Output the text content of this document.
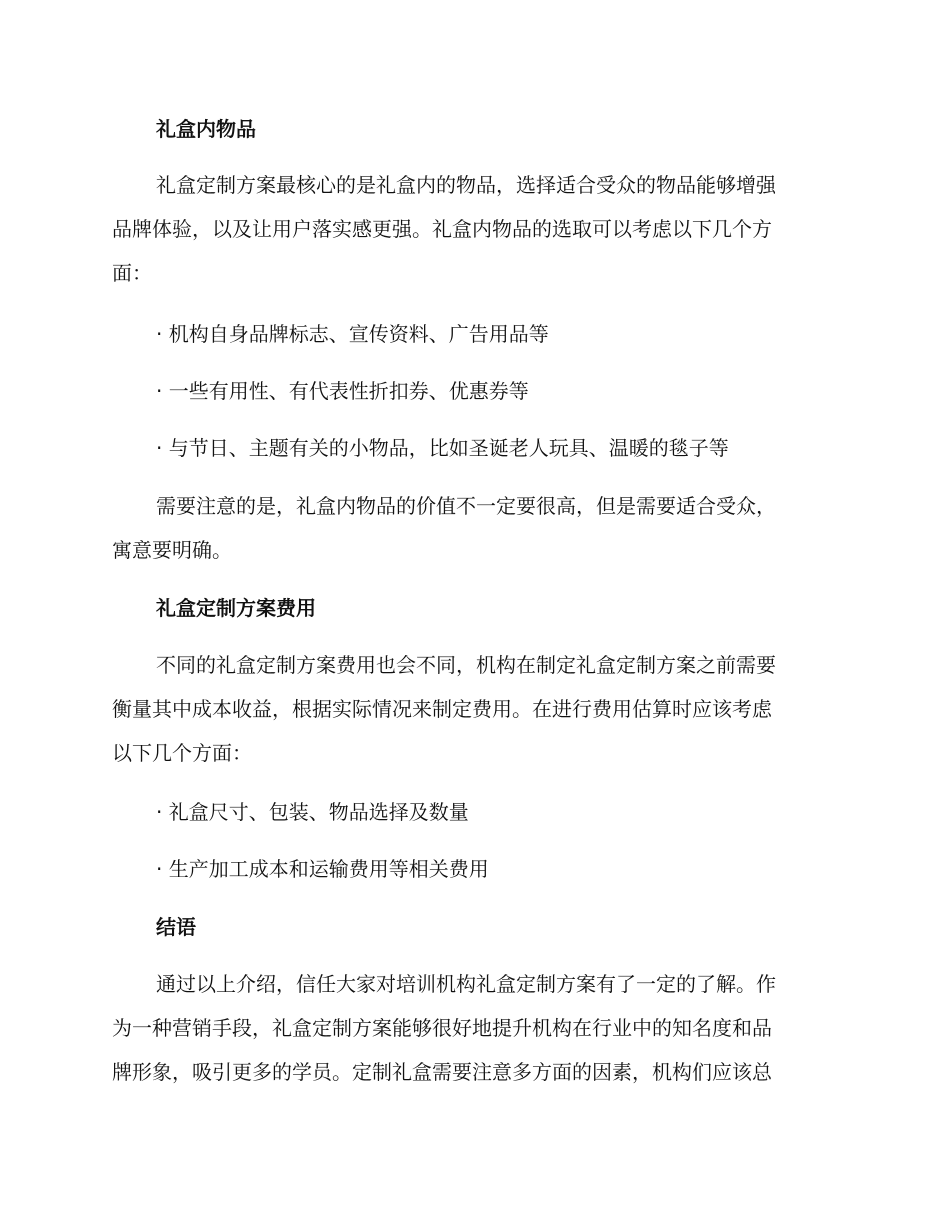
礼盒内物品
礼盒定制方案最核心的是礼盒内的物品，选择适合受众的物品能够增强
品牌体验，以及让用户落实感更强。礼盒内物品的选取可以考虑以下几个方
面：
· 机构自身品牌标志、宣传资料、广告用品等
· 一些有用性、有代表性折扣券、优惠券等
· 与节日、主题有关的小物品，比如圣诞老人玩具、温暖的毯子等
需要注意的是，礼盒内物品的价值不一定要很高，但是需要适合受众，
寓意要明确。
礼盒定制方案费用
不同的礼盒定制方案费用也会不同，机构在制定礼盒定制方案之前需要
衡量其中成本收益，根据实际情况来制定费用。在进行费用估算时应该考虑
以下几个方面：
· 礼盒尺寸、包装、物品选择及数量
· 生产加工成本和运输费用等相关费用
结语
通过以上介绍，信任大家对培训机构礼盒定制方案有了一定的了解。作
为一种营销手段，礼盒定制方案能够很好地提升机构在行业中的知名度和品
牌形象，吸引更多的学员。定制礼盒需要注意多方面的因素，机构们应该总
